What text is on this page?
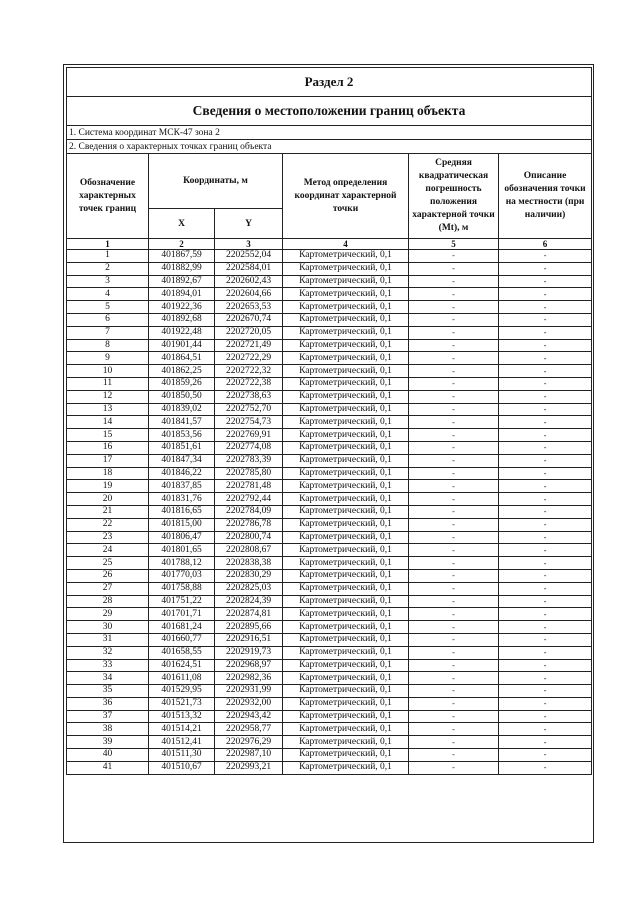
Раздел 2					
Сведения о местоположении границ объекта					
1. Система координат МСК-47 зона 2					
2. Сведения о характерных точках границ объекта					
Обозначение характерных точек границ	Координаты, м		Метод определения координат характерной точки	Средняя квадратическая погрешность положения характерной точки (Mt), м	Описание обозначения точки на местности (при наличии)
	X	Y			
1	2	3	4	5	6
1	401867,59	2202552,04	Картометрический, 0,1	-	-
2	401882,99	2202584,01	Картометрический, 0,1	-	-
3	401892,67	2202602,43	Картометрический, 0,1	-	-
4	401894,01	2202604,66	Картометрический, 0,1	-	-
5	401922,36	2202653,53	Картометрический, 0,1	-	-
6	401892,68	2202670,74	Картометрический, 0,1	-	-
7	401922,48	2202720,05	Картометрический, 0,1	-	-
8	401901,44	2202721,49	Картометрический, 0,1	-	-
9	401864,51	2202722,29	Картометрический, 0,1	-	-
10	401862,25	2202722,32	Картометрический, 0,1	-	-
11	401859,26	2202722,38	Картометрический, 0,1	-	-
12	401850,50	2202738,63	Картометрический, 0,1	-	-
13	401839,02	2202752,70	Картометрический, 0,1	-	-
14	401841,57	2202754,73	Картометрический, 0,1	-	-
15	401853,56	2202769,91	Картометрический, 0,1	-	-
16	401851,61	2202774,08	Картометрический, 0,1	-	-
17	401847,34	2202783,39	Картометрический, 0,1	-	-
18	401846,22	2202785,80	Картометрический, 0,1	-	-
19	401837,85	2202781,48	Картометрический, 0,1	-	-
20	401831,76	2202792,44	Картометрический, 0,1	-	-
21	401816,65	2202784,09	Картометрический, 0,1	-	-
22	401815,00	2202786,78	Картометрический, 0,1	-	-
23	401806,47	2202800,74	Картометрический, 0,1	-	-
24	401801,65	2202808,67	Картометрический, 0,1	-	-
25	401788,12	2202838,38	Картометрический, 0,1	-	-
26	401770,03	2202830,29	Картометрический, 0,1	-	-
27	401758,88	2202825,03	Картометрический, 0,1	-	-
28	401751,22	2202824,39	Картометрический, 0,1	-	-
29	401701,71	2202874,81	Картометрический, 0,1	-	-
30	401681,24	2202895,66	Картометрический, 0,1	-	-
31	401660,77	2202916,51	Картометрический, 0,1	-	-
32	401658,55	2202919,73	Картометрический, 0,1	-	-
33	401624,51	2202968,97	Картометрический, 0,1	-	-
34	401611,08	2202982,36	Картометрический, 0,1	-	-
35	401529,95	2202931,99	Картометрический, 0,1	-	-
36	401521,73	2202932,00	Картометрический, 0,1	-	-
37	401513,32	2202943,42	Картометрический, 0,1	-	-
38	401514,21	2202958,77	Картометрический, 0,1	-	-
39	401512,41	2202976,29	Картометрический, 0,1	-	-
40	401511,30	2202987,10	Картометрический, 0,1	-	-
41	401510,67	2202993,21	Картометрический, 0,1	-	-
